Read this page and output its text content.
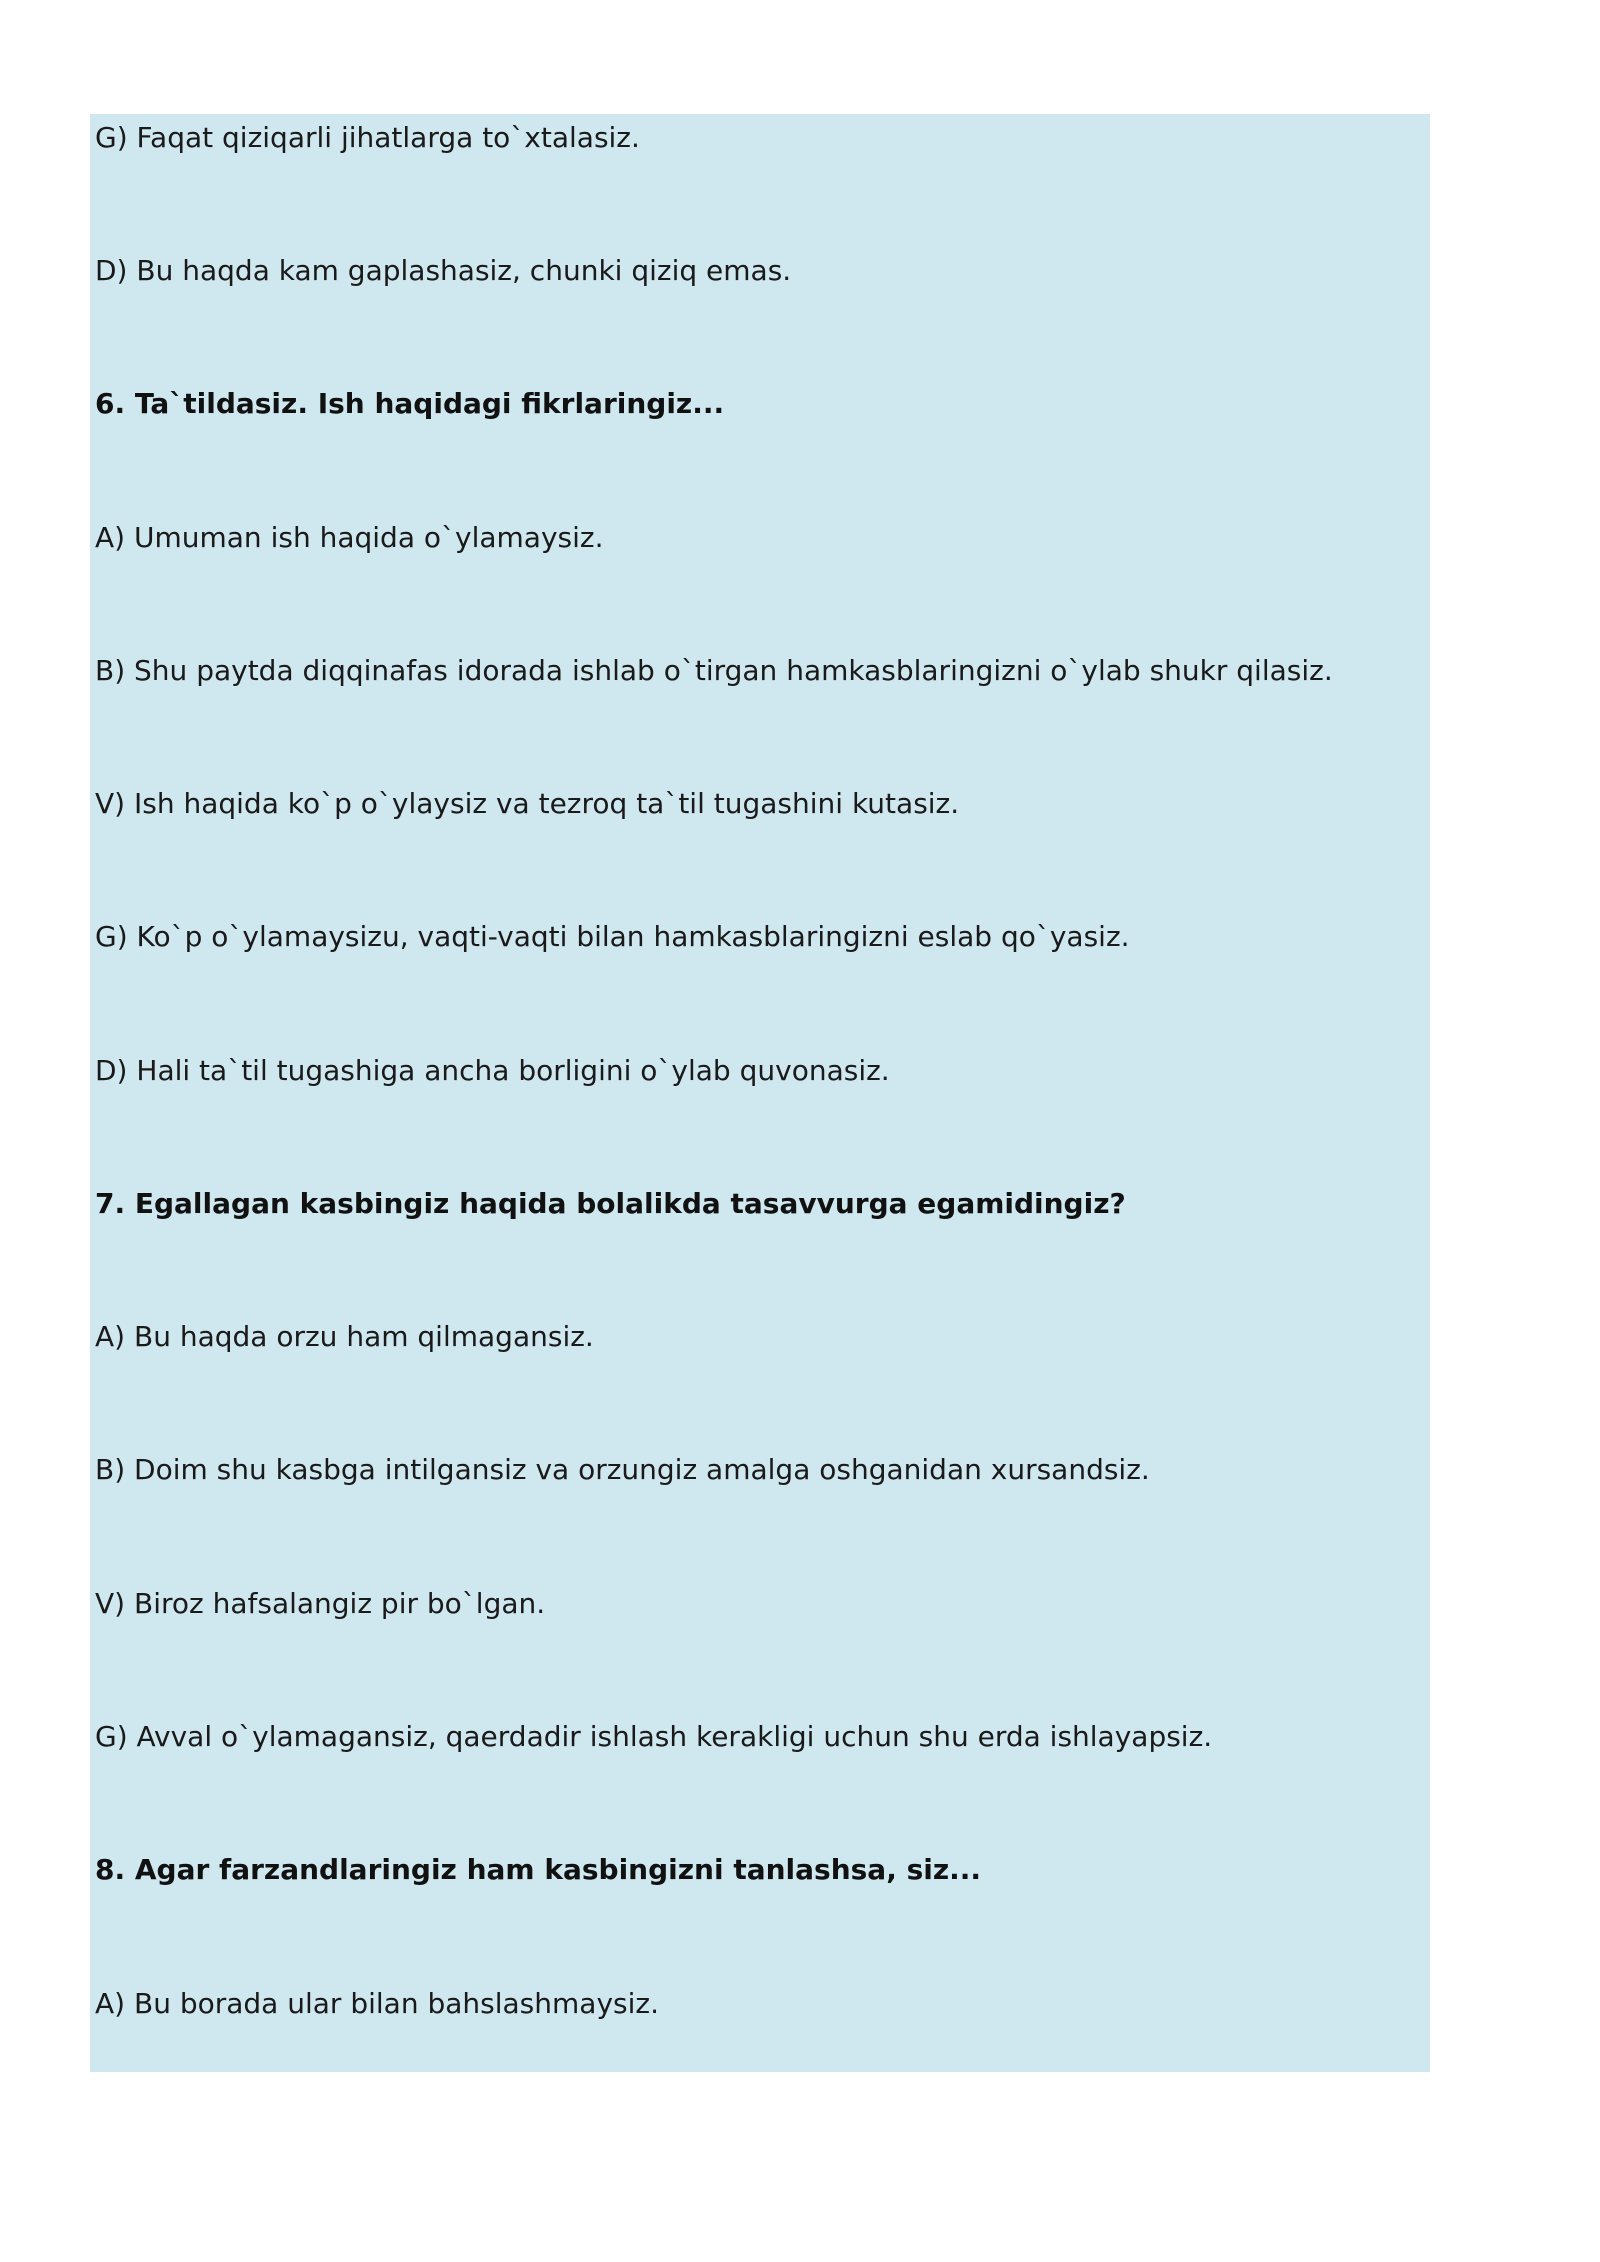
G) Faqat qiziqarli jihatlarga to`xtalasiz.

D) Bu haqda kam gaplashasiz, chunki qiziq emas.

6. Ta`tildasiz. Ish haqidagi fikrlaringiz...

A) Umuman ish haqida o`ylamaysiz.

B) Shu paytda diqqinafas idorada ishlab o`tirgan hamkasblaringizni o`ylab shukr qilasiz.

V) Ish haqida ko`p o`ylaysiz va tezroq ta`til tugashini kutasiz.

G) Ko`p o`ylamaysizu, vaqti-vaqti bilan hamkasblaringizni eslab qo`yasiz.

D) Hali ta`til tugashiga ancha borligini o`ylab quvonasiz.

7. Egallagan kasbingiz haqida bolalikda tasavvurga egamidingiz?

A) Bu haqda orzu ham qilmagansiz.

B) Doim shu kasbga intilgansiz va orzungiz amalga oshganidan xursandsiz.

V) Biroz hafsalangiz pir bo`lgan.

G) Avval o`ylamagansiz, qaerdadir ishlash kerakligi uchun shu erda ishlayapsiz.

8. Agar farzandlaringiz ham kasbingizni tanlashsa, siz...

A) Bu borada ular bilan bahslashmaysiz.
